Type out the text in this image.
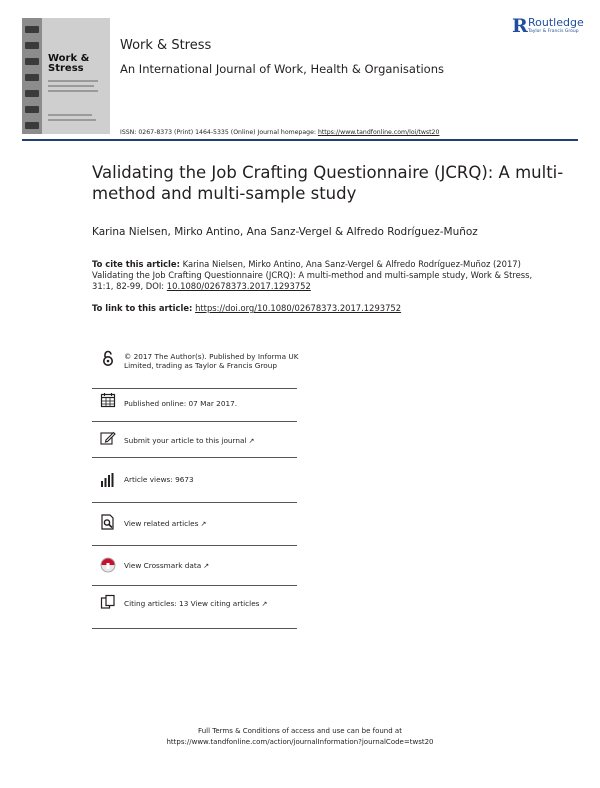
Work &
Stress
Work & Stress
An International Journal of Work, Health & Organisations
R Routledge
Taylor & Francis Group
ISSN: 0267-8373 (Print) 1464-5335 (Online) Journal homepage: https://www.tandfonline.com/loi/twst20
Validating the Job Crafting Questionnaire (JCRQ): A multi-method and multi-sample study
Karina Nielsen, Mirko Antino, Ana Sanz-Vergel & Alfredo Rodríguez-Muñoz
To cite this article: Karina Nielsen, Mirko Antino, Ana Sanz-Vergel & Alfredo Rodríguez-Muñoz (2017) Validating the Job Crafting Questionnaire (JCRQ): A multi-method and multi-sample study, Work & Stress, 31:1, 82-99, DOI: 10.1080/02678373.2017.1293752
To link to this article: https://doi.org/10.1080/02678373.2017.1293752
© 2017 The Author(s). Published by Informa UK Limited, trading as Taylor & Francis Group
Published online: 07 Mar 2017.
Submit your article to this journal ↗
Article views: 9673
View related articles ↗
View Crossmark data ↗
Citing articles: 13 View citing articles ↗
Full Terms & Conditions of access and use can be found at
https://www.tandfonline.com/action/journalInformation?journalCode=twst20
